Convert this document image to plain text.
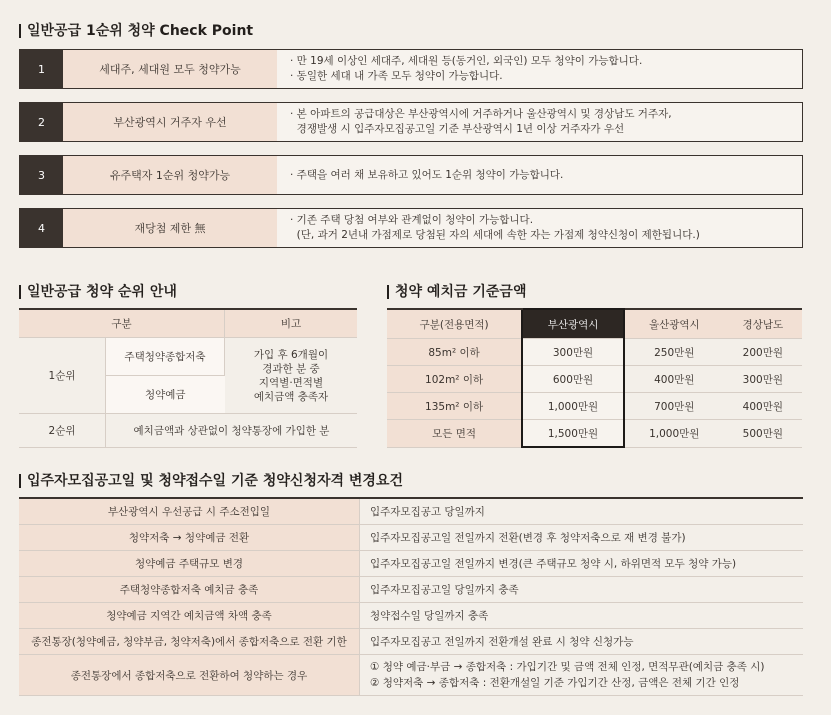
일반공급 1순위 청약 Check Point
1	세대주, 세대원 모두 청약가능
· 만 19세 이상인 세대주, 세대원 등(동거인, 외국인) 모두 청약이 가능합니다.
· 동일한 세대 내 가족 모두 청약이 가능합니다.
2	부산광역시 거주자 우선
· 본 아파트의 공급대상은 부산광역시에 거주하거나 울산광역시 및 경상남도 거주자,
경쟁발생 시 입주자모집공고일 기준 부산광역시 1년 이상 거주자가 우선
3	유주택자 1순위 청약가능	· 주택을 여러 채 보유하고 있어도 1순위 청약이 가능합니다.
4	재당첨 제한 無
· 기존 주택 당첨 여부와 관계없이 청약이 가능합니다.
(단, 과거 2년내 가점제로 당첨된 자의 세대에 속한 자는 가점제 청약신청이 제한됩니다.)
일반공급 청약 순위 안내
구분		비고
1순위	주택청약종합저축	가입 후 6개월이
경과한 분 중
지역별·면적별
예치금액 충족자

	청약예금	
2순위	예치금액과 상관없이 청약통장에 가입한 분	
청약 예치금 기준금액
구분(전용면적)	부산광역시	울산광역시	경상남도
85m² 이하	300만원	250만원	200만원
102m² 이하	600만원	400만원	300만원
135m² 이하	1,000만원	700만원	400만원
모든 면적	1,500만원	1,000만원	500만원
입주자모집공고일 및 청약접수일 기준 청약신청자격 변경요건
부산광역시 우선공급 시 주소전입일	입주자모집공고 당일까지
청약저축 → 청약예금 전환	입주자모집공고일 전일까지 전환(변경 후 청약저축으로 재 변경 불가)
청약예금 주택규모 변경	입주자모집공고일 전일까지 변경(큰 주택규모 청약 시, 하위면적 모두 청약 가능)
주택청약종합저축 예치금 충족	입주자모집공고일 당일까지 충족
청약예금 지역간 예치금액 차액 충족	청약접수일 당일까지 충족
종전통장(청약예금, 청약부금, 청약저축)에서 종합저축으로 전환 기한	입주자모집공고 전일까지 전환개설 완료 시 청약 신청가능
종전통장에서 종합저축으로 전환하여 청약하는 경우	① 청약 예금·부금 → 종합저축 : 가입기간 및 금액 전체 인정, 면적무관(예치금 충족 시)
② 청약저축 → 종합저축 : 전환개설일 기준 가입기간 산정, 금액은 전체 기간 인정
